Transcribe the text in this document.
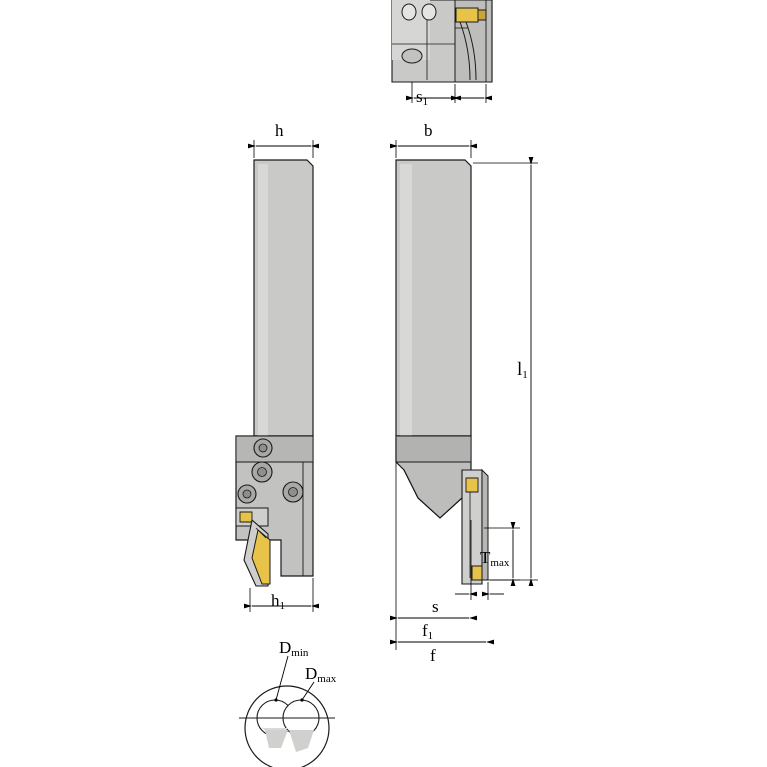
$s_1$
h	b
$l_1$
$h_1$
$T_{max}$
s
$f_1$
f
$D_{min}$
$D_{max}$
